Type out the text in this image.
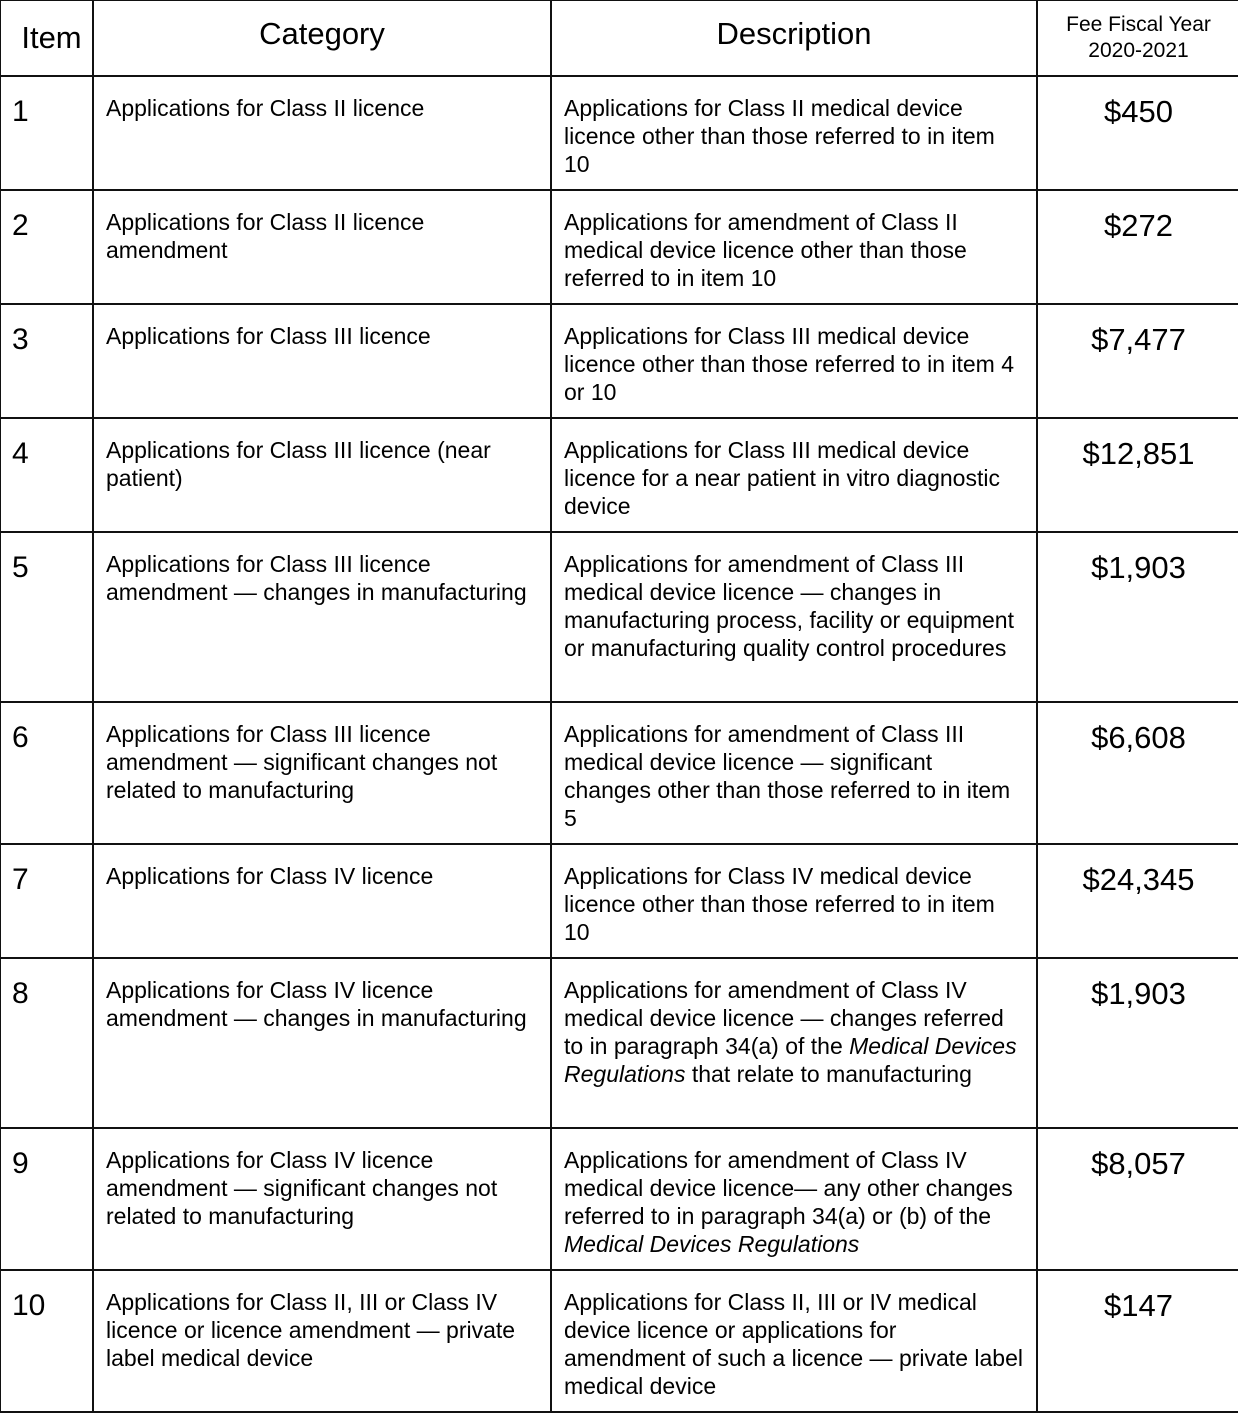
Item	Category	Description	Fee Fiscal Year
2020-2021
1	Applications for Class II licence	Applications for Class II medical device licence other than those referred to in item 10	$450
2	Applications for Class II licence amendment	Applications for amendment of Class II medical device licence other than those referred to in item 10	$272
3	Applications for Class III licence	Applications for Class III medical device licence other than those referred to in item 4 or 10	$7,477
4	Applications for Class III licence (near patient)	Applications for Class III medical device licence for a near patient in vitro diagnostic device	$12,851
5	Applications for Class III licence amendment — changes in manufacturing	Applications for amendment of Class III medical device licence — changes in manufacturing process, facility or equipment or manufacturing quality control procedures	$1,903
6	Applications for Class III licence amendment — significant changes not related to manufacturing	Applications for amendment of Class III medical device licence — significant changes other than those referred to in item 5	$6,608
7	Applications for Class IV licence	Applications for Class IV medical device licence other than those referred to in item 10	$24,345
8	Applications for Class IV licence amendment — changes in manufacturing	Applications for amendment of Class IV medical device licence — changes referred to in paragraph 34(a) of the Medical Devices Regulations that relate to manufacturing	$1,903
9	Applications for Class IV licence amendment — significant changes not related to manufacturing	Applications for amendment of Class IV medical device licence— any other changes referred to in paragraph 34(a) or (b) of the Medical Devices Regulations	$8,057
10	Applications for Class II, III or Class IV licence or licence amendment — private label medical device	Applications for Class II, III or IV medical device licence or applications for amendment of such a licence — private label medical device	$147
